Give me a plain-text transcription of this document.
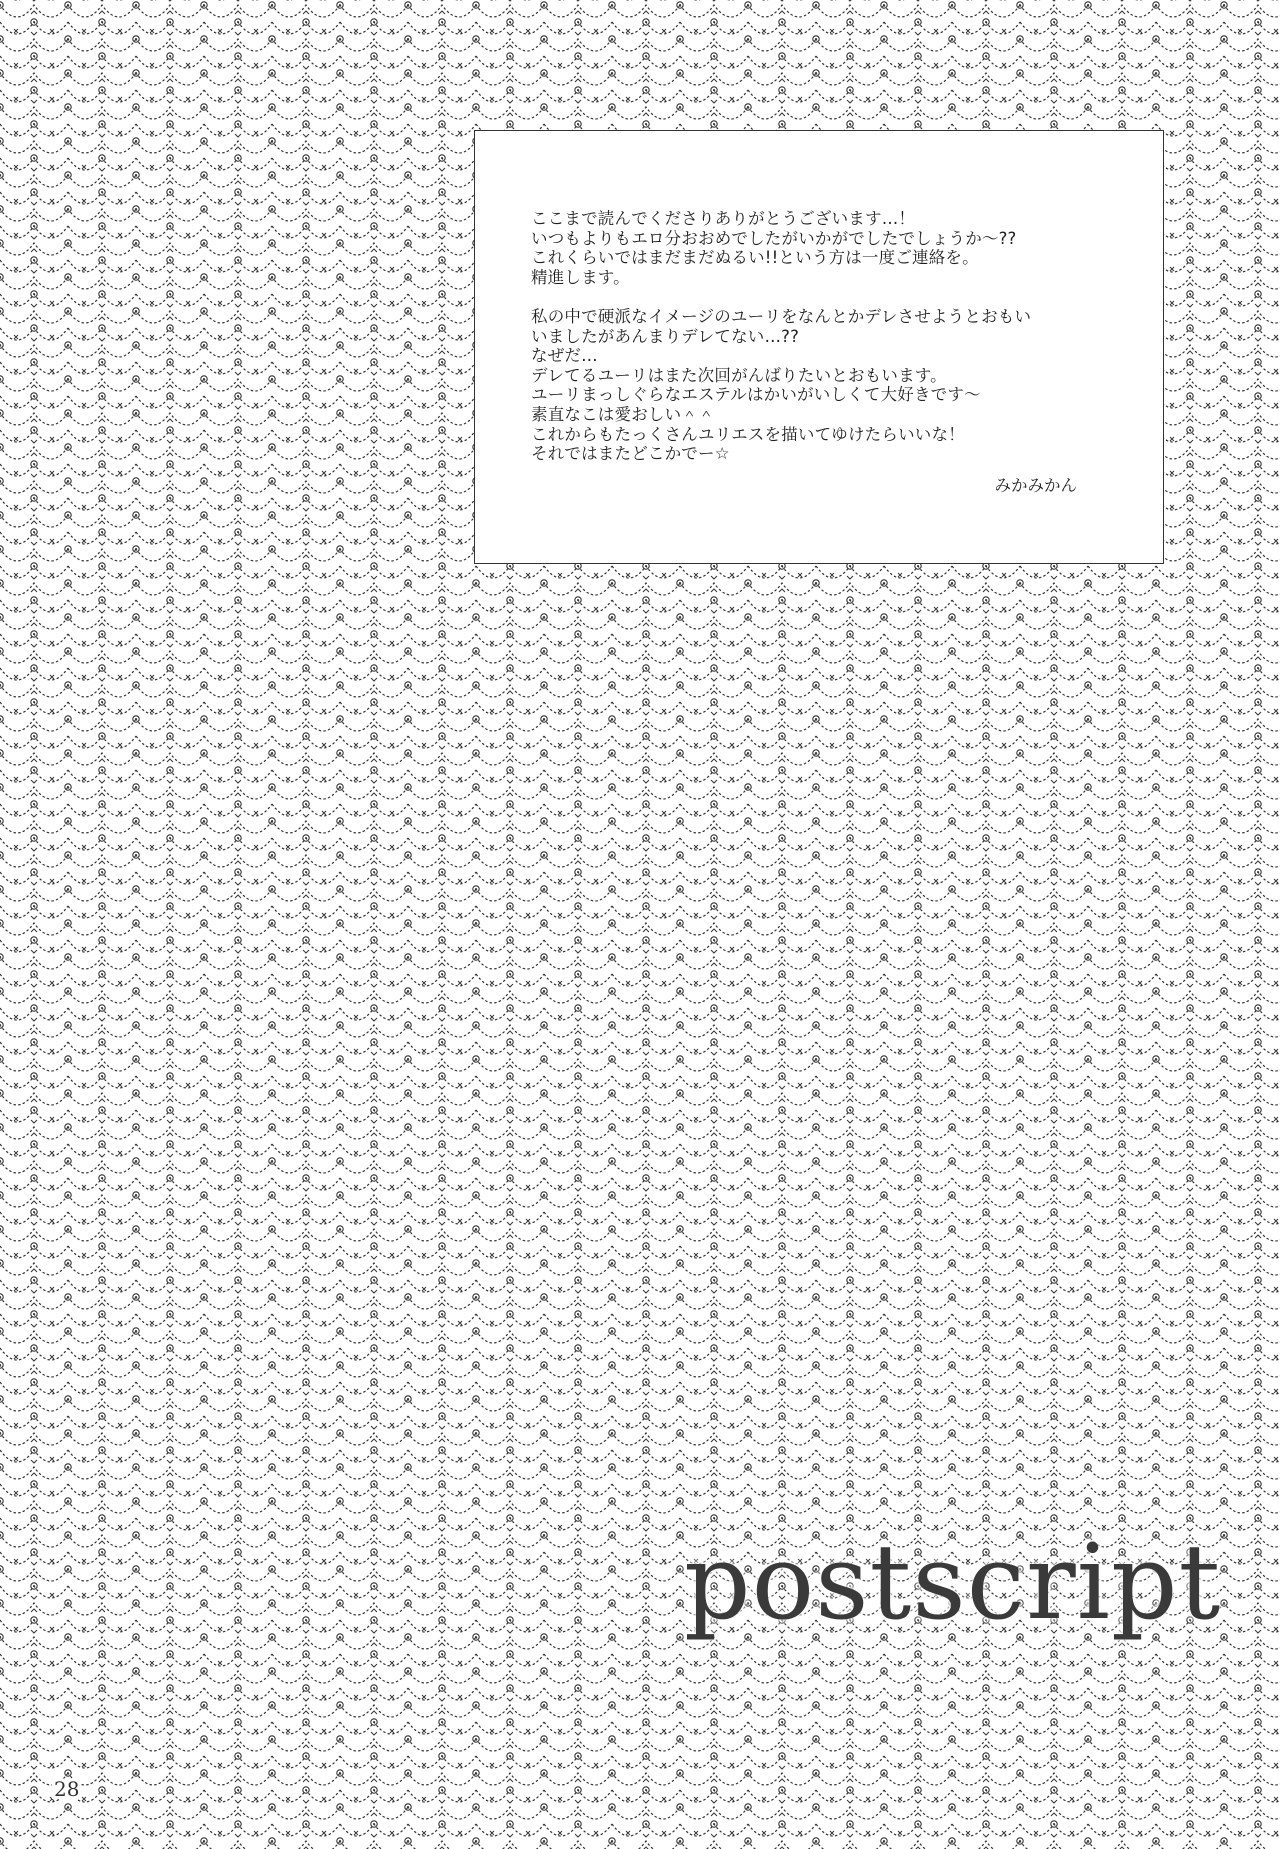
ここまで読んでくださりありがとうございます…！
いつもよりもエロ分おおめでしたがいかがでしたでしょうか～??
これくらいではまだまだぬるい!!という方は一度ご連絡を。
精進します。
私の中で硬派なイメージのユーリをなんとかデレさせようとおもい
いましたがあんまりデレてない…??
なぜだ…
デレてるユーリはまた次回がんばりたいとおもいます。
ユーリまっしぐらなエステルはかいがいしくて大好きです～
素直なこは愛おしい＾＾
これからもたっくさんユリエスを描いてゆけたらいいな！
それではまたどこかでー☆
みかみかん
postscript
28
